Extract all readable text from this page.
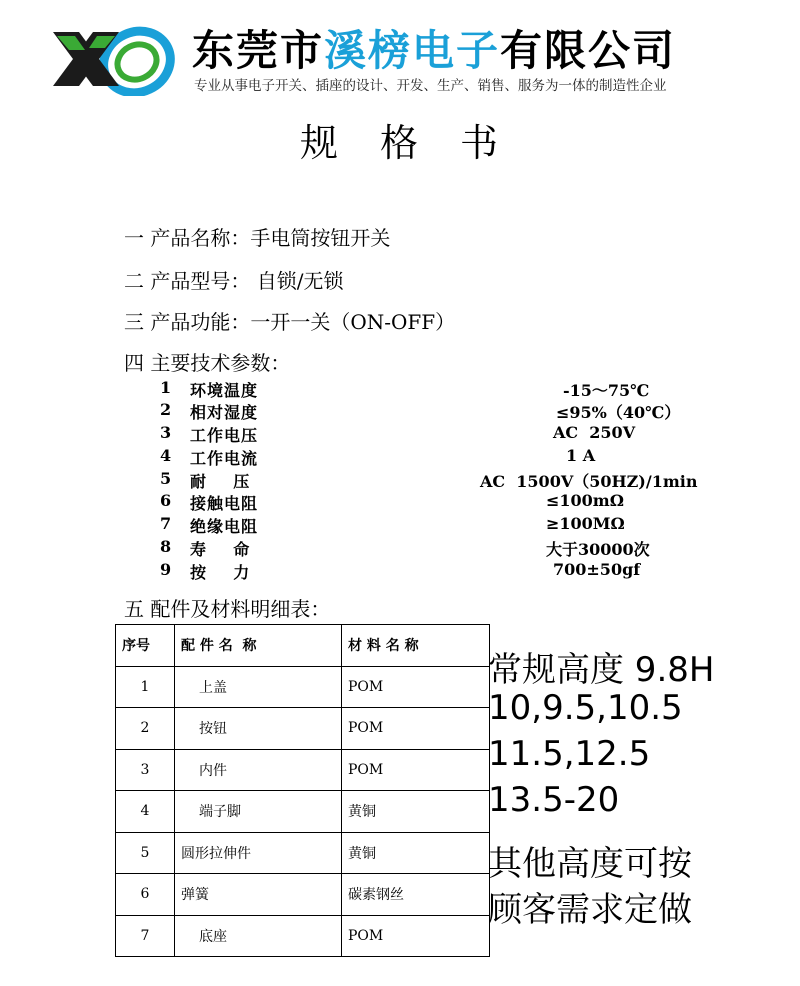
东莞市溪榜电子有限公司
专业从事电子开关、插座的设计、开发、生产、销售、服务为一体的制造性企业
规格书
一 产品名称：手电筒按钮开关
二 产品型号： 自锁/无锁
三 产品功能：一开一关（ON-OFF）
四 主要技术参数：
1 环境温度	-15～75℃
2 相对湿度	≤95%（40℃）
3 工作电压	AC  250V
4 工作电流	1 A
5 耐    压	AC  1500V（50HZ)/1min
6 接触电阻	≤100mΩ
7 绝缘电阻	≥100MΩ
8 寿    命	大于30000次
9 按    力	700±50gf
五 配件及材料明细表：
序号	配 件 名  称	材 料 名 称
1	上盖	POM
2	按钮	POM
3	内件	POM
4	端子脚	黄铜
5	圆形拉伸件	黄铜
6	弹簧	碳素钢丝
7	底座	POM
常规高度 9.8H
10,9.5,10.5
11.5,12.5
13.5-20
其他高度可按
顾客需求定做
